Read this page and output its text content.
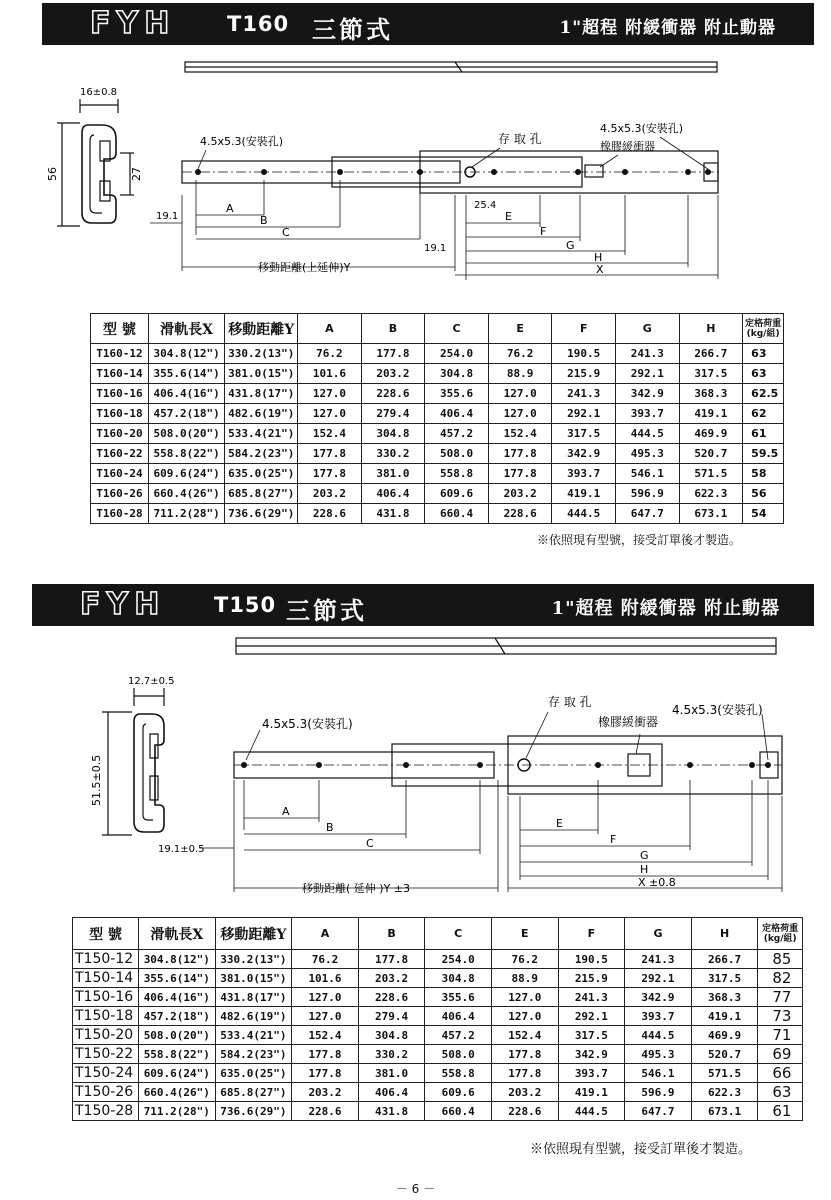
FYH	T160 三節式	1"超程 附緩衝器 附止動器
16±0.8
56	27
4.5x5.3(安裝孔)	存 取 孔
4.5x5.3(安裝孔)
橡膠緩衝器
25.4
19.1
19.1
A
B
C
E
F
G
H
X
移動距離(上延伸)Y
型 號	滑軌長X	移動距離Y	A	B	C	E	F	G	H	定格荷重
(kg/組)
T160-12	304.8(12")	330.2(13")	76.2	177.8	254.0	76.2	190.5	241.3	266.7	63
T160-14	355.6(14")	381.0(15")	101.6	203.2	304.8	88.9	215.9	292.1	317.5	63
T160-16	406.4(16")	431.8(17")	127.0	228.6	355.6	127.0	241.3	342.9	368.3	62.5
T160-18	457.2(18")	482.6(19")	127.0	279.4	406.4	127.0	292.1	393.7	419.1	62
T160-20	508.0(20")	533.4(21")	152.4	304.8	457.2	152.4	317.5	444.5	469.9	61
T160-22	558.8(22")	584.2(23")	177.8	330.2	508.0	177.8	342.9	495.3	520.7	59.5
T160-24	609.6(24")	635.0(25")	177.8	381.0	558.8	177.8	393.7	546.1	571.5	58
T160-26	660.4(26")	685.8(27")	203.2	406.4	609.6	203.2	419.1	596.9	622.3	56
T160-28	711.2(28")	736.6(29")	228.6	431.8	660.4	228.6	444.5	647.7	673.1	54
※依照現有型號，接受訂單後才製造。
FYH	T150 三節式	1"超程 附緩衝器 附止動器
12.7±0.5
51.5±0.5
4.5x5.3(安裝孔)
存 取 孔
4.5x5.3(安裝孔)
橡膠緩衝器
19.1±0.5
A
B
C
E
F
G
H
X ±0.8
移動距離( 延伸 )Y ±3
型 號	滑軌長X	移動距離Y	A	B	C	E	F	G	H	定格荷重
(kg/組)
T150-12	304.8(12")	330.2(13")	76.2	177.8	254.0	76.2	190.5	241.3	266.7	85
T150-14	355.6(14")	381.0(15")	101.6	203.2	304.8	88.9	215.9	292.1	317.5	82
T150-16	406.4(16")	431.8(17")	127.0	228.6	355.6	127.0	241.3	342.9	368.3	77
T150-18	457.2(18")	482.6(19")	127.0	279.4	406.4	127.0	292.1	393.7	419.1	73
T150-20	508.0(20")	533.4(21")	152.4	304.8	457.2	152.4	317.5	444.5	469.9	71
T150-22	558.8(22")	584.2(23")	177.8	330.2	508.0	177.8	342.9	495.3	520.7	69
T150-24	609.6(24")	635.0(25")	177.8	381.0	558.8	177.8	393.7	546.1	571.5	66
T150-26	660.4(26")	685.8(27")	203.2	406.4	609.6	203.2	419.1	596.9	622.3	63
T150-28	711.2(28")	736.6(29")	228.6	431.8	660.4	228.6	444.5	647.7	673.1	61
※依照現有型號，接受訂單後才製造。
－ 6 －
